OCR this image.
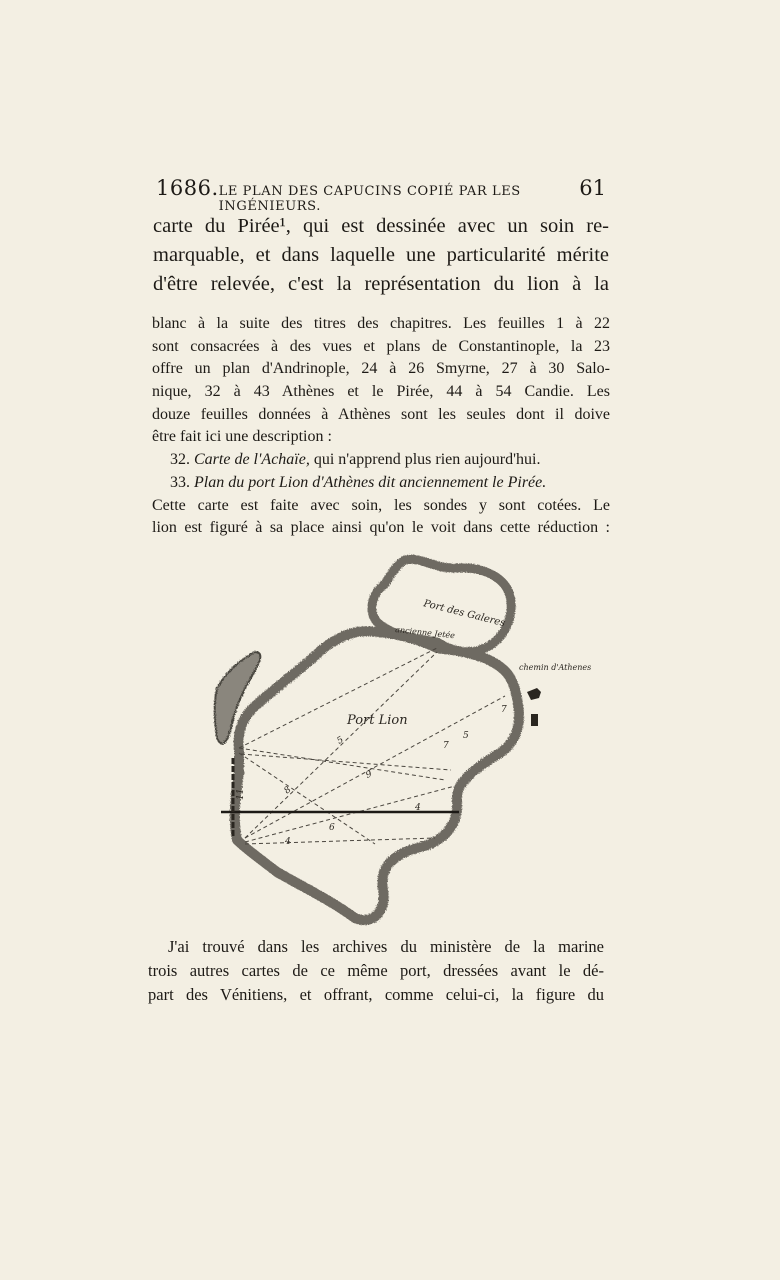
1686. LE PLAN DES CAPUCINS COPIÉ PAR LES INGÉNIEURS.
61
carte du Pirée¹, qui est dessinée avec un soin re-
marquable, et dans laquelle une particularité mérite
d'être relevée, c'est la représentation du lion à la
blanc à la suite des titres des chapitres. Les feuilles 1 à 22
sont consacrées à des vues et plans de Constantinople, la 23
offre un plan d'Andrinople, 24 à 26 Smyrne, 27 à 30 Salo-
nique, 32 à 43 Athènes et le Pirée, 44 à 54 Candie. Les
douze feuilles données à Athènes sont les seules dont il doive
être fait ici une description :
32. Carte de l'Achaïe, qui n'apprend plus rien aujourd'hui.
33. Plan du port Lion d'Athènes dit anciennement le Pirée.
Cette carte est faite avec soin, les sondes y sont cotées. Le
lion est figuré à sa place ainsi qu'on le voit dans cette réduction :
11.
Port des Galeres
ancienne Jetée
Port Lion
chemin d'Athenes
8
5	7
4
6
5
7
9
4
J'ai trouvé dans les archives du ministère de la marine
trois autres cartes de ce même port, dressées avant le dé-
part des Vénitiens, et offrant, comme celui-ci, la figure du
